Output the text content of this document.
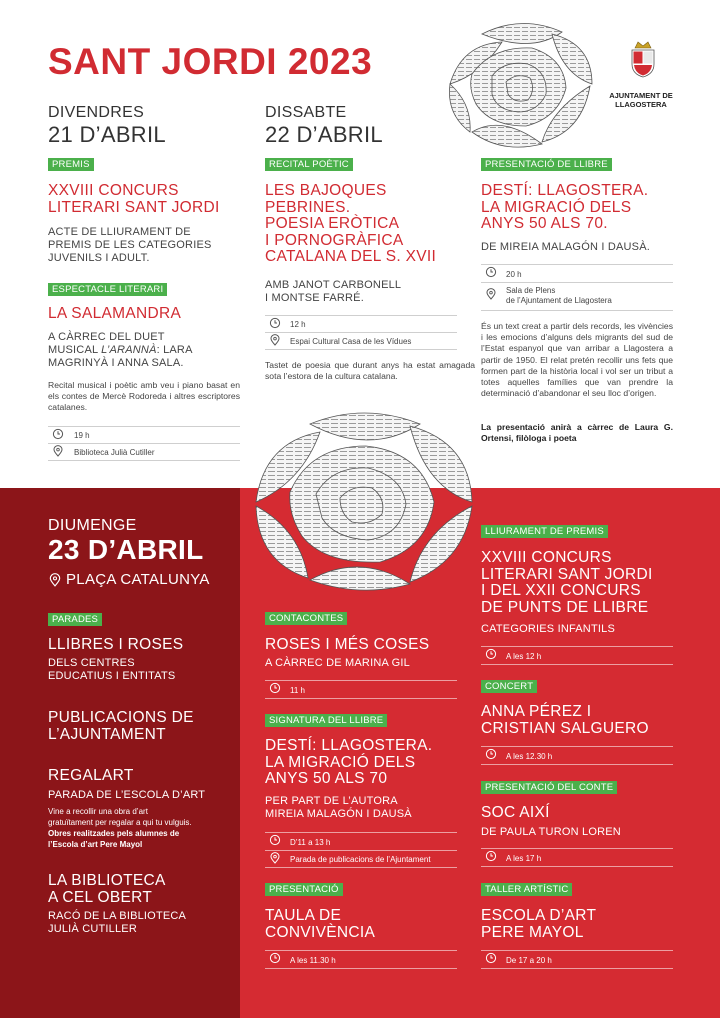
SANT JORDI 2023
AJUNTAMENT DE
LLAGOSTERA
DIVENDRES
21 D’ABRIL
PREMIS
XXVIII CONCURS
LITERARI SANT JORDI
ACTE DE LLIURAMENT DE
PREMIS DE LES CATEGORIES
JUVENILS I ADULT.
ESPECTACLE LITERARI
LA SALAMANDRA
A CÀRREC DEL DUET
MUSICAL L’ARANNÀ: LARA
MAGRINYÀ I ANNA SALA.
Recital musical i poètic amb veu i piano basat en els contes de Mercè Rodoreda i altres escriptores catalanes.
19 h
Biblioteca Julià Cutiller
DISSABTE
22 D’ABRIL
RECITAL POÈTIC
LES BAJOQUES
PEBRINES.
POESIA ERÒTICA
I PORNOGRÀFICA
CATALANA DEL S. XVII
AMB JANOT CARBONELL
I MONTSE FARRÉ.
12 h
Espai Cultural Casa de les Vídues
Tastet de poesia que durant anys ha estat amagada sota l’estora de la cultura catalana.
PRESENTACIÓ DE LLIBRE
DESTÍ: LLAGOSTERA.
LA MIGRACIÓ DELS
ANYS 50 ALS 70.
DE MIREIA MALAGÓN I DAUSÀ.
20 h
Sala de Plens
de l’Ajuntament de Llagostera
És un text creat a partir dels records, les vivències i les emocions d’alguns dels migrants del sud de l’Estat espanyol que van arribar a Llagostera a partir de 1950. El relat pretén recollir uns fets que formen part de la història local i vol ser un tribut a totes aquelles famílies que van prendre la determinació d’abandonar el seu lloc d’origen.
La presentació anirà a càrrec de Laura G. Ortensi, filòloga i poeta
DIUMENGE
23 D’ABRIL
PLAÇA CATALUNYA
PARADES
LLIBRES I ROSES
DELS CENTRES
EDUCATIUS I ENTITATS
PUBLICACIONS DE
L’AJUNTAMENT
REGALART
PARADA DE L’ESCOLA D’ART
Vine a recollir una obra d’art
gratuïtament per regalar a qui tu vulguis.
Obres realitzades pels alumnes de
l’Escola d’art Pere Mayol
LA BIBLIOTECA
A CEL OBERT
RACÓ DE LA BIBLIOTECA
JULIÀ CUTILLER
CONTACONTES
ROSES I MÉS COSES
A CÀRREC DE MARINA GIL
11 h
SIGNATURA DEL LLIBRE
DESTÍ: LLAGOSTERA.
LA MIGRACIÓ DELS
ANYS 50 ALS 70
PER PART DE L’AUTORA
MIREIA MALAGÓN I DAUSÀ
D’11 a 13 h
Parada de publicacions de l’Ajuntament
PRESENTACIÓ
TAULA DE
CONVIVÈNCIA
A les 11.30 h
LLIURAMENT DE PREMIS
XXVIII CONCURS
LITERARI SANT JORDI
I DEL XXII CONCURS
DE PUNTS DE LLIBRE
CATEGORIES INFANTILS
A les 12 h
CONCERT
ANNA PÉREZ I
CRISTIAN SALGUERO
A les 12.30 h
PRESENTACIÓ DEL CONTE
SOC AIXÍ
DE PAULA TURON LOREN
A les 17 h
TALLER ARTÍSTIC
ESCOLA D’ART
PERE MAYOL
De 17 a 20 h
